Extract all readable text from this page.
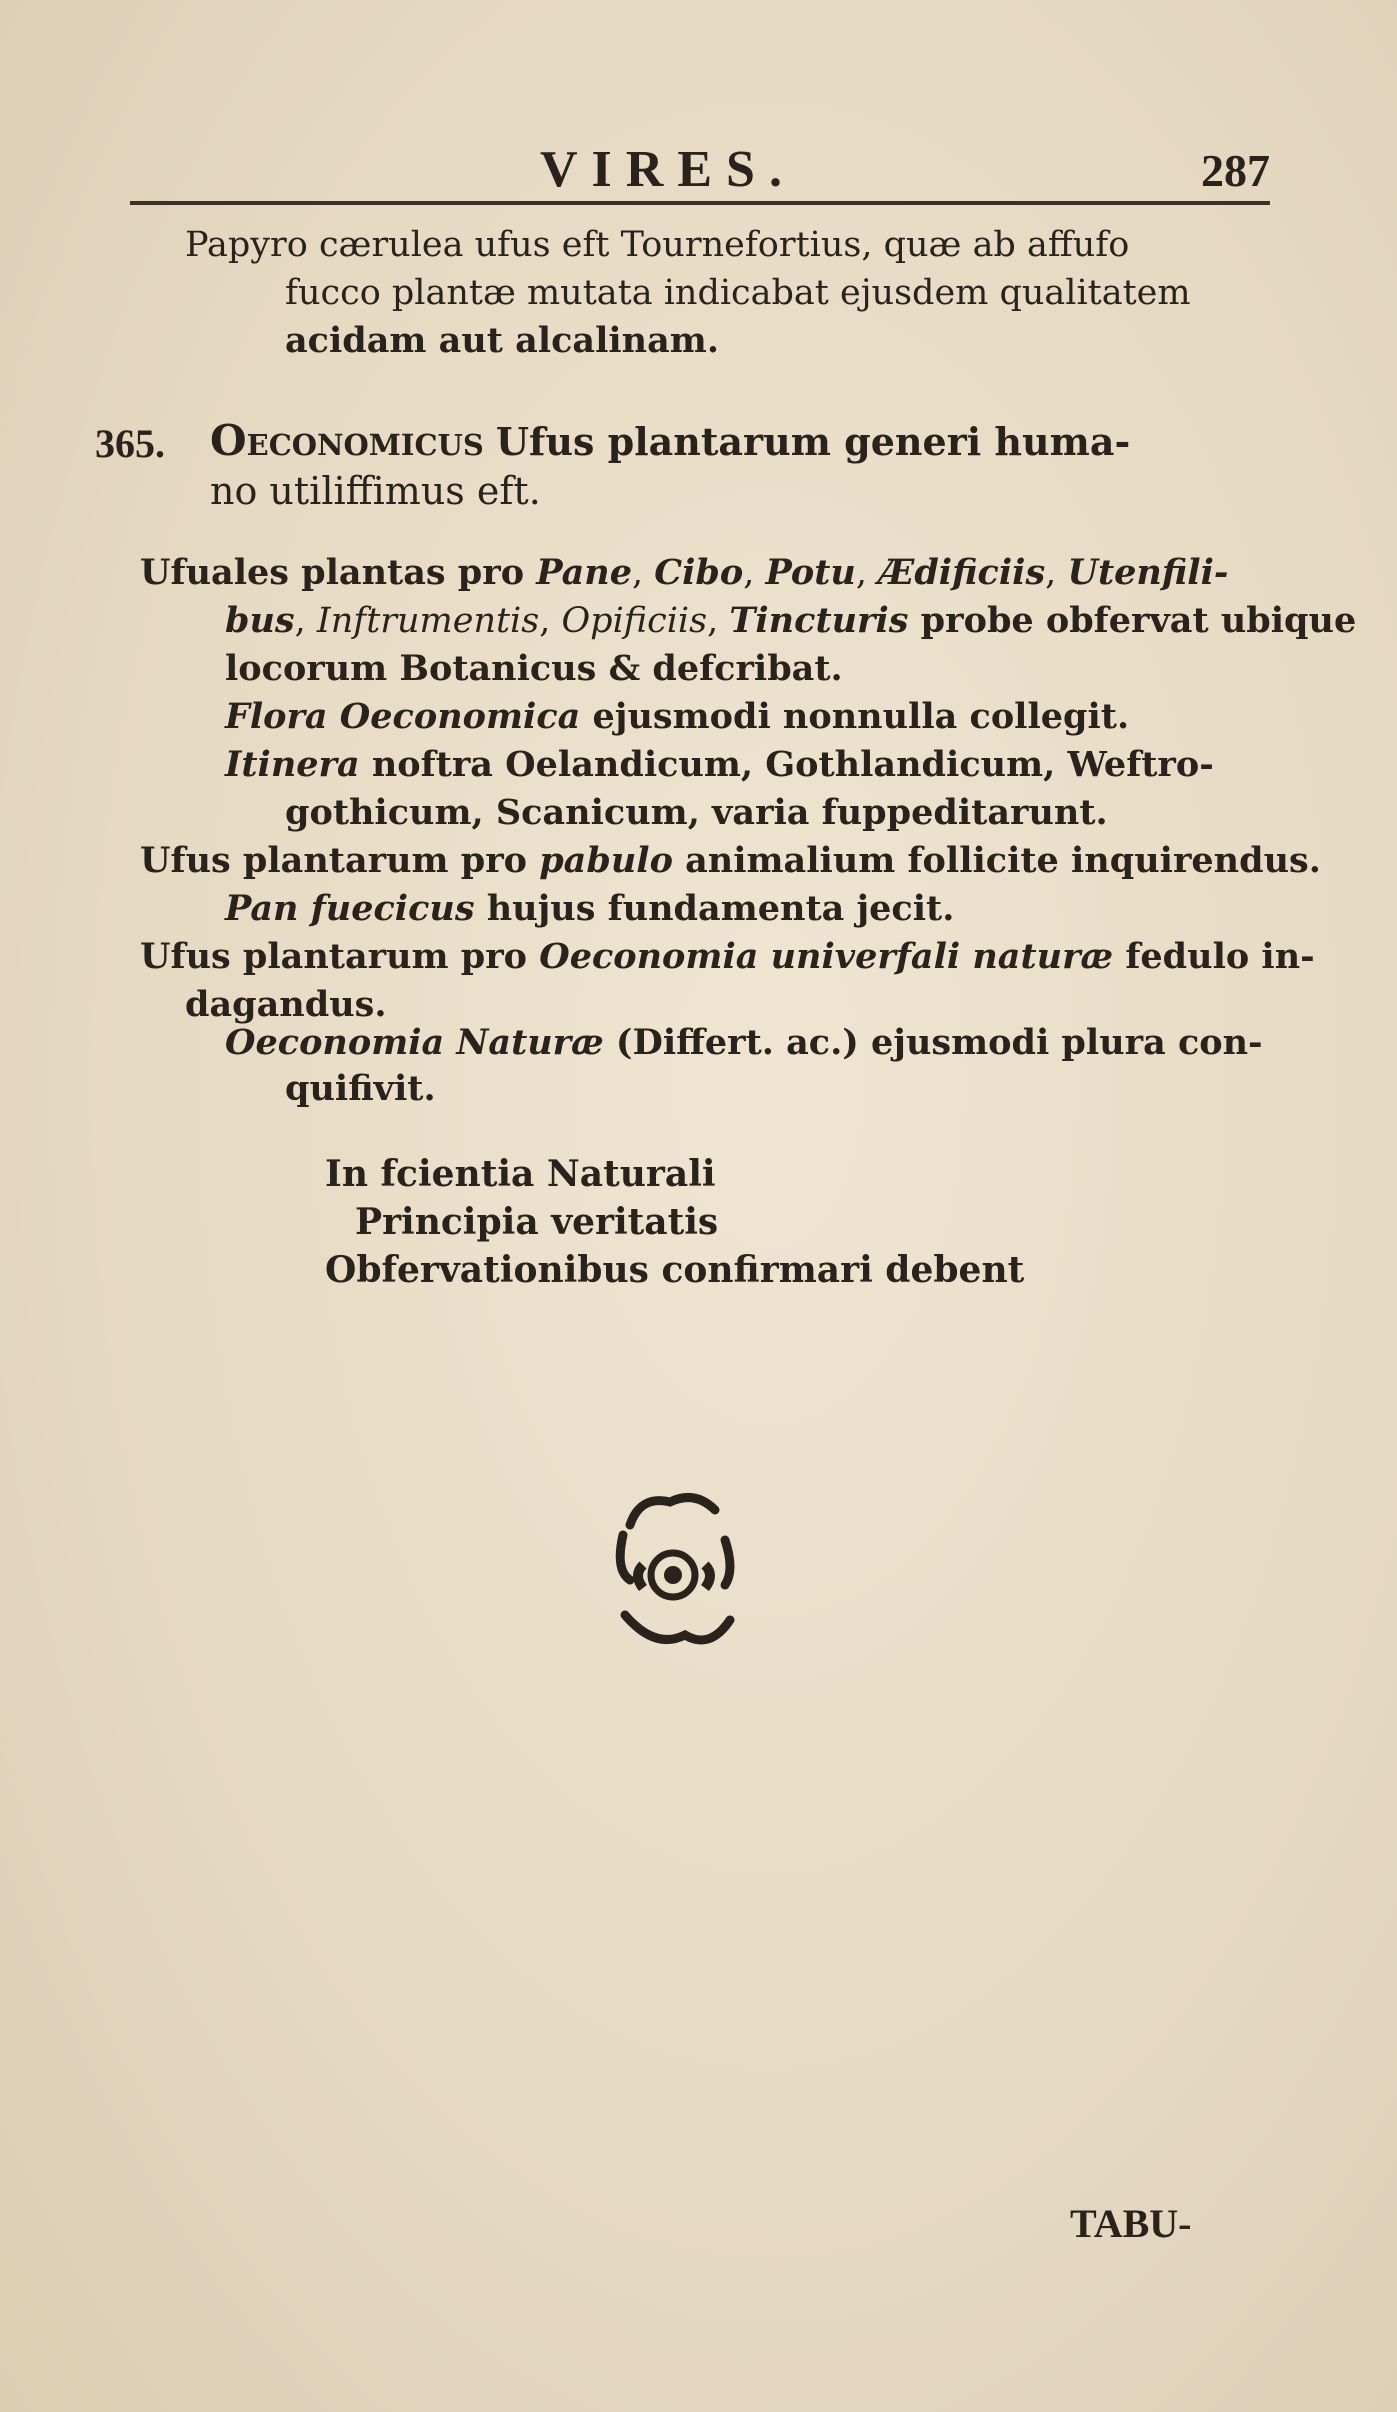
VIRES.	287
Papyro cærulea ufus eft Tournefortius, quæ ab affufo
fucco plantæ mutata indicabat ejusdem qualitatem
acidam aut alcalinam.
365. Oeconomicus Ufus plantarum generi huma-
no utiliffimus eft.
Ufuales plantas pro Pane, Cibo, Potu, Ædificiis, Utenfili-
bus, Inftrumentis, Opificiis, Tincturis probe obfervat ubique
locorum Botanicus & defcribat.
Flora Oeconomica ejusmodi nonnulla collegit.
Itinera noftra Oelandicum, Gothlandicum, Weftro-
gothicum, Scanicum, varia fuppeditarunt.
Ufus plantarum pro pabulo animalium follicite inquirendus.
Pan fuecicus hujus fundamenta jecit.
Ufus plantarum pro Oeconomia univerfali naturæ fedulo in-
dagandus.
Oeconomia Naturæ (Differt. ac.) ejusmodi plura con-
quifivit.
In fcientia Naturali
Principia veritatis
Obfervationibus confirmari debent
TABU-
